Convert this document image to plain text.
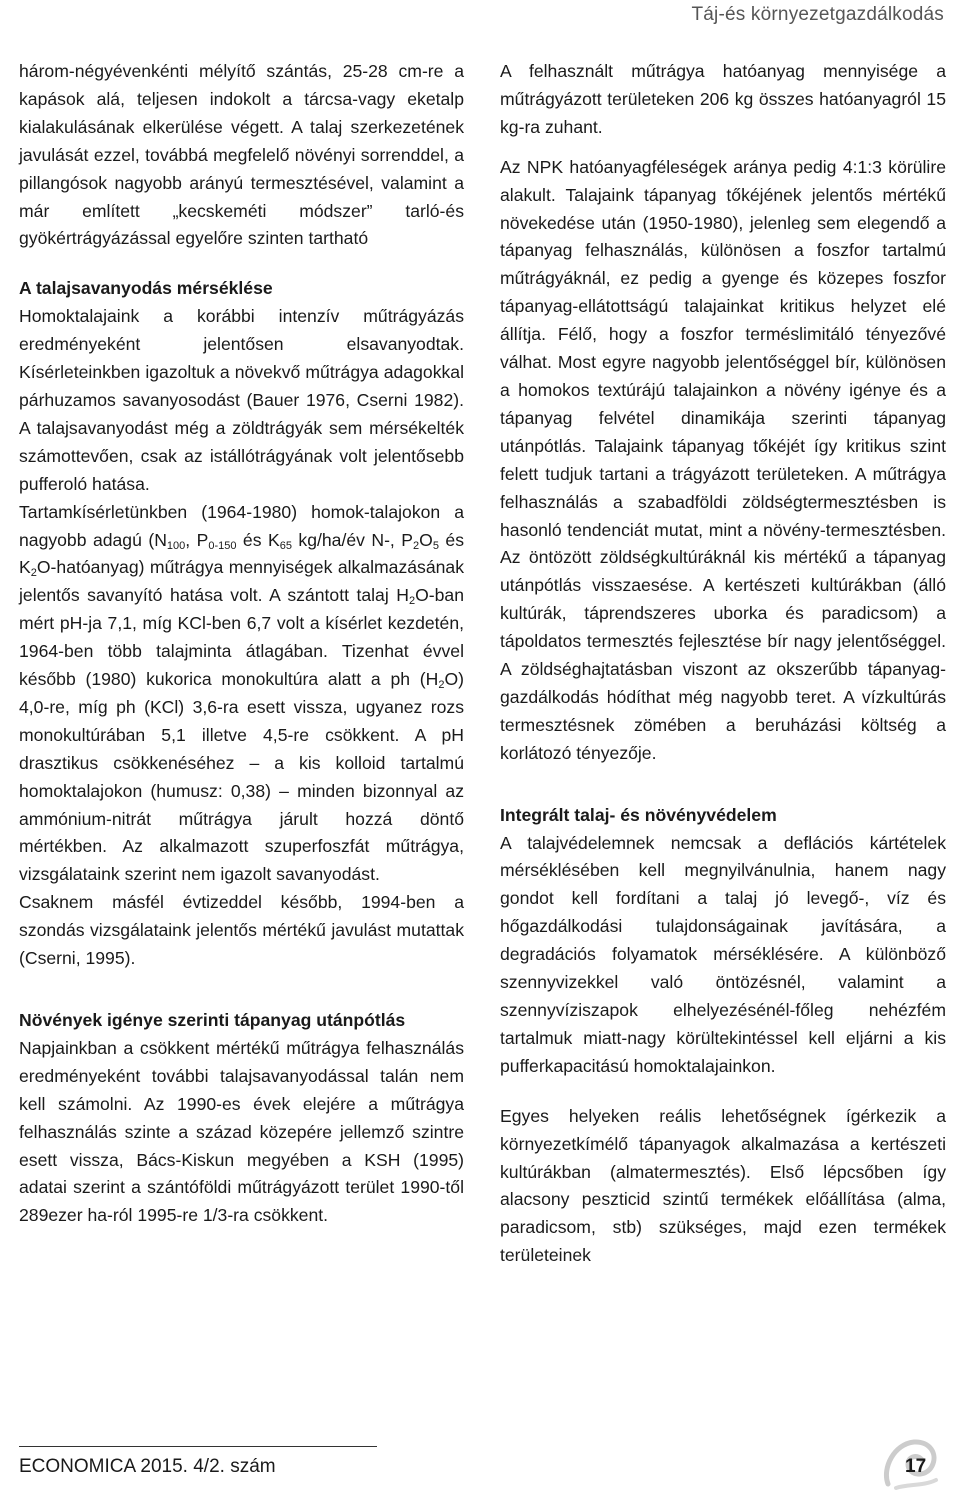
Táj-és környezetgazdálkodás

három-négyévenkénti mélyítő szántás, 25-28 cm-re a kapások alá, teljesen indokolt a tárcsa-vagy eketalp kialakulásának elkerülése végett. A talaj szerkezetének javulását ezzel, továbbá megfelelő növényi sorrenddel, a pillangósok nagyobb arányú termesztésével, valamint a már említett „kecskeméti módszer” tarló-és gyökértrágyázással egyelőre szinten tartható

A talajsavanyodás mérséklése

Homoktalajaink a korábbi intenzív műtrágyázás eredményeként jelentősen elsavanyodtak. Kísérleteinkben igazoltuk a növekvő műtrágya adagokkal párhuzamos savanyosodást (Bauer 1976, Cserni 1982). A talajsavanyodást még a zöldtrágyák sem mérsékelték számottevően, csak az istállótrágyának volt jelentősebb pufferoló hatása.

Tartamkísérletünkben (1964-1980) homok-talajokon a nagyobb adagú ($N_{100}$, $P_{0-150}$ és $K_{65}$ kg/ha/év N-, $P_2O_5$ és $K_2O-hatóanyag$) műtrágya mennyiségek alkalmazásának jelentős savanyító hatása volt. A szántott talaj $H_2O$-ban mért pH-ja 7,1, míg KCl-ben 6,7 volt a kísérlet kezdetén, 1964-ben több talajminta átlagában. Tizenhat évvel később (1980) kukorica monokultúra alatt a ph $(H_2O)$ 4,0-re, míg ph (KCl) 3,6-ra esett vissza, ugyanez rozs monokultúrában 5,1 illetve 4,5-re csökkent. A pH drasztikus csökkenéséhez – a kis kolloid tartalmú homoktalajokon (humusz: 0,38) – minden bizonnyal az ammónium-nitrát műtrágya járult hozzá döntő mértékben. Az alkalmazott szuperfoszfát műtrágya, vizsgálataink szerint nem igazolt savanyodást.

Csaknem másfél évtizeddel később, 1994-ben a szondás vizsgálataink jelentős mértékű javulást mutattak (Cserni, 1995).

Növények igénye szerinti tápanyag utánpótlás

Napjainkban a csökkent mértékű műtrágya felhasználás eredményeként további talajsavanyodással talán nem kell számolni. Az 1990-es évek elejére a műtrágya felhasználás szinte a század közepére jellemző szintre esett vissza, Bács-Kiskun megyében a KSH (1995) adatai szerint a szántóföldi műtrágyázott terület 1990-től 289ezer ha-ról 1995-re 1/3-ra csökkent.

A felhasznált műtrágya hatóanyag mennyisége a műtrágyázott területeken 206 kg összes hatóanyagról 15 kg-ra zuhant.

Az NPK hatóanyagféleségek aránya pedig 4:1:3 körülire alakult. Talajaink tápanyag tőkéjének jelentős mértékű növekedése után (1950-1980), jelenleg sem elegendő a tápanyag felhasználás, különösen a foszfor tartalmú műtrágyáknál, ez pedig a gyenge és közepes foszfor tápanyag-ellátottságú talajainkat kritikus helyzet elé állítja. Félő, hogy a foszfor terméslimitáló tényezővé válhat. Most egyre nagyobb jelentőséggel bír, különösen a homokos textúrájú talajainkon a növény igénye és a tápanyag felvétel dinamikája szerinti tápanyag utánpótlás. Talajaink tápanyag tőkéjét így kritikus szint felett tudjuk tartani a trágyázott területeken. A műtrágya felhasználás a szabadföldi zöldségtermesztésben is hasonló tendenciát mutat, mint a növény-termesztésben. Az öntözött zöldségkultúráknál kis mértékű a tápanyag utánpótlás visszaesése. A kertészeti kultúrákban (álló kultúrák, táprendszeres uborka és paradicsom) a tápoldatos termesztés fejlesztése bír nagy jelentőséggel. A zöldséghajtatásban viszont az okszerűbb tápanyag-gazdálkodás hódíthat még nagyobb teret. A vízkultúrás termesztésnek zömében a beruházási költség a korlátozó tényezője.

Integrált talaj- és növényvédelem

A talajvédelemnek nemcsak a deflációs kártételek mérséklésében kell megnyilvánulnia, hanem nagy gondot kell fordítani a talaj jó levegő-, víz és hőgazdálkodási tulajdonságainak javítására, a degradációs folyamatok mérséklésére. A különböző szennyvizekkel való öntözésnél, valamint a szennyvíziszapok elhelyezésénél-főleg nehézfém tartalmuk miatt-nagy körültekintéssel kell eljárni a kis pufferkapacitású homoktalajainkon.

Egyes helyeken reális lehetőségnek ígérkezik a környezetkímélő tápanyagok alkalmazása a kertészeti kultúrákban (almatermesztés). Első lépcsőben így alacsony peszticid szintű termékek előállítása (alma, paradicsom, stb) szükséges, majd ezen termékek területeinek

ECONOMICA 2015. 4/2. szám	17
